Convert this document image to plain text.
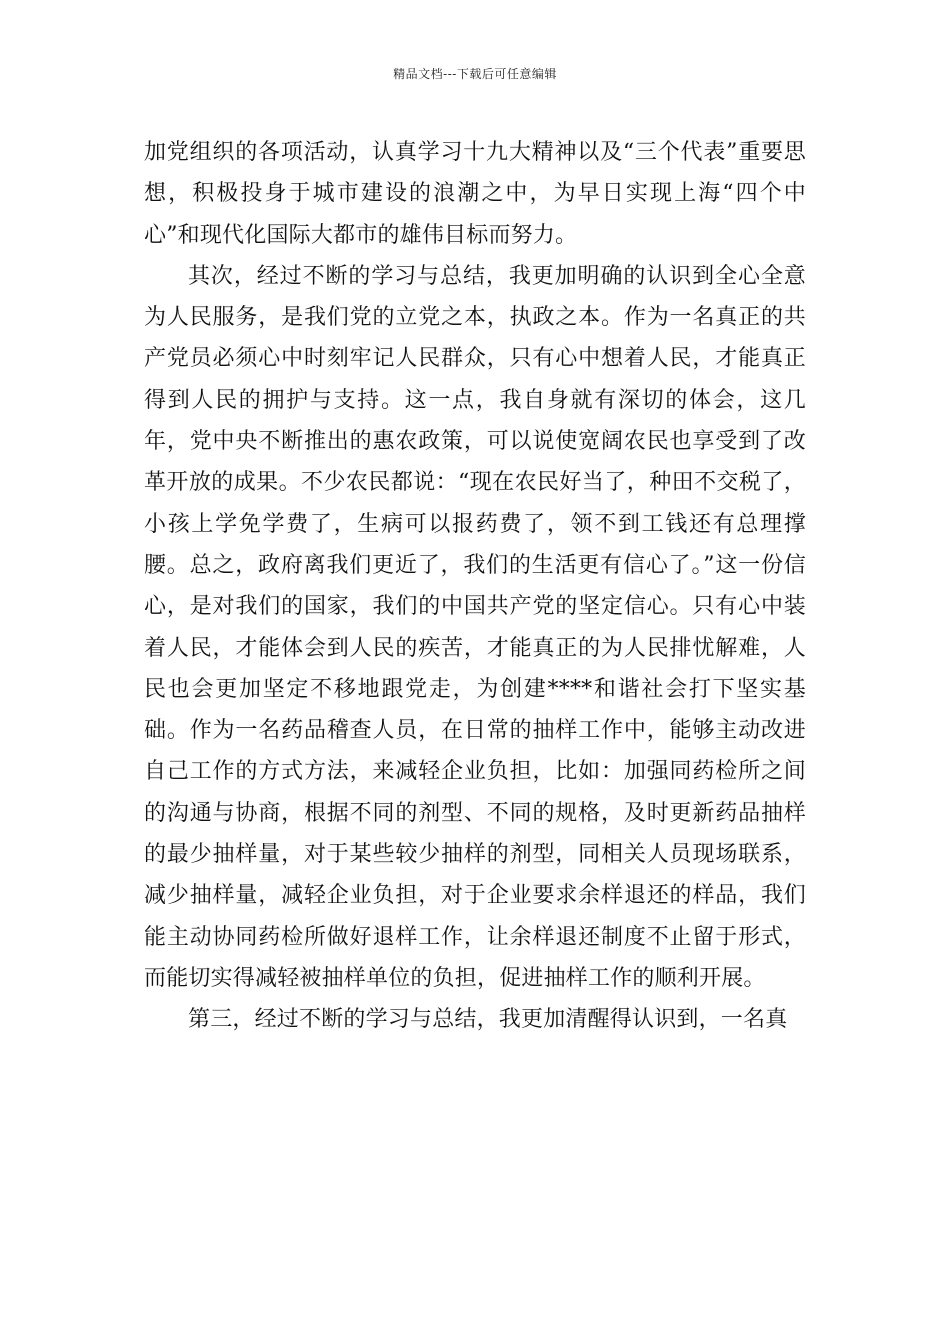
精品文档---下载后可任意编辑

加党组织的各项活动，认真学习十九大精神以及“三个代表”重要思想，积极投身于城市建设的浪潮之中，为早日实现上海“四个中心”和现代化国际大都市的雄伟目标而努力。

其次，经过不断的学习与总结，我更加明确的认识到全心全意为人民服务，是我们党的立党之本，执政之本。作为一名真正的共产党员必须心中时刻牢记人民群众，只有心中想着人民，才能真正得到人民的拥护与支持。这一点，我自身就有深切的体会，这几年，党中央不断推出的惠农政策，可以说使宽阔农民也享受到了改革开放的成果。不少农民都说：“现在农民好当了，种田不交税了，小孩上学免学费了，生病可以报药费了，领不到工钱还有总理撑腰。总之，政府离我们更近了，我们的生活更有信心了。”这一份信心，是对我们的国家，我们的中国共产党的坚定信心。只有心中装着人民，才能体会到人民的疾苦，才能真正的为人民排忧解难，人民也会更加坚定不移地跟党走，为创建****和谐社会打下坚实基础。作为一名药品稽查人员，在日常的抽样工作中，能够主动改进自己工作的方式方法，来减轻企业负担，比如：加强同药检所之间的沟通与协商，根据不同的剂型、不同的规格，及时更新药品抽样的最少抽样量，对于某些较少抽样的剂型，同相关人员现场联系，减少抽样量，减轻企业负担，对于企业要求余样退还的样品，我们能主动协同药检所做好退样工作，让余样退还制度不止留于形式，而能切实得减轻被抽样单位的负担，促进抽样工作的顺利开展。

第三，经过不断的学习与总结，我更加清醒得认识到，一名真
